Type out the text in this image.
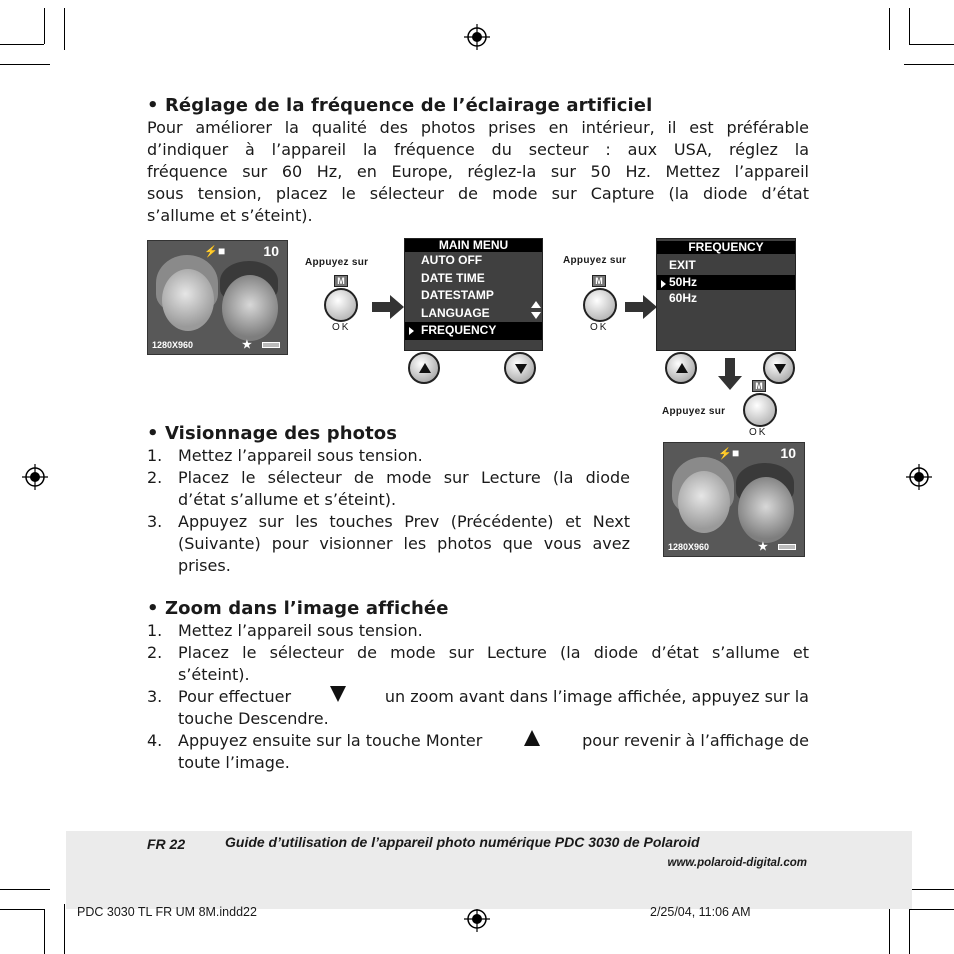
• Réglage de la fréquence de l’éclairage artificiel
Pour améliorer la qualité des photos prises en intérieur, il est préférable
d’indiquer à l’appareil la fréquence du secteur : aux USA, réglez la
fréquence sur 60 Hz, en Europe, réglez-la sur 50 Hz. Mettez l’appareil
sous tension, placez le sélecteur de mode sur Capture (la diode d’état
s’allume et s’éteint).
10
⚡ ■
1280X960	★
Appuyez sur
M
OK
MAIN MENU
AUTO OFF
DATE TIME
DATESTAMP
LANGUAGE
FREQUENCY
Appuyez sur
M
OK
FREQUENCY
EXIT
50Hz
60Hz
M
Appuyez sur
OK
• Visionnage des photos
1. Mettez l’appareil sous tension.
2. Placez le sélecteur de mode sur Lecture (la diode
d’état s’allume et s’éteint).
3. Appuyez sur les touches Prev (Précédente) et Next
(Suivante) pour visionner les photos que vous avez
prises.
10
⚡ ■
1280X960	★
• Zoom dans l’image affichée
1. Mettez l’appareil sous tension.
2. Placez le sélecteur de mode sur Lecture (la diode d’état s’allume et
s’éteint).
3. Pour effectuer	un zoom avant dans l’image affichée, appuyez sur la
touche Descendre.
4. Appuyez ensuite sur la touche Monter	pour revenir à l’affichage de
toute l’image.
FR 22	Guide d’utilisation de l’appareil photo numérique PDC 3030 de Polaroid
www.polaroid-digital.com
PDC 3030 TL FR UM 8M.indd22	2/25/04, 11:06 AM
